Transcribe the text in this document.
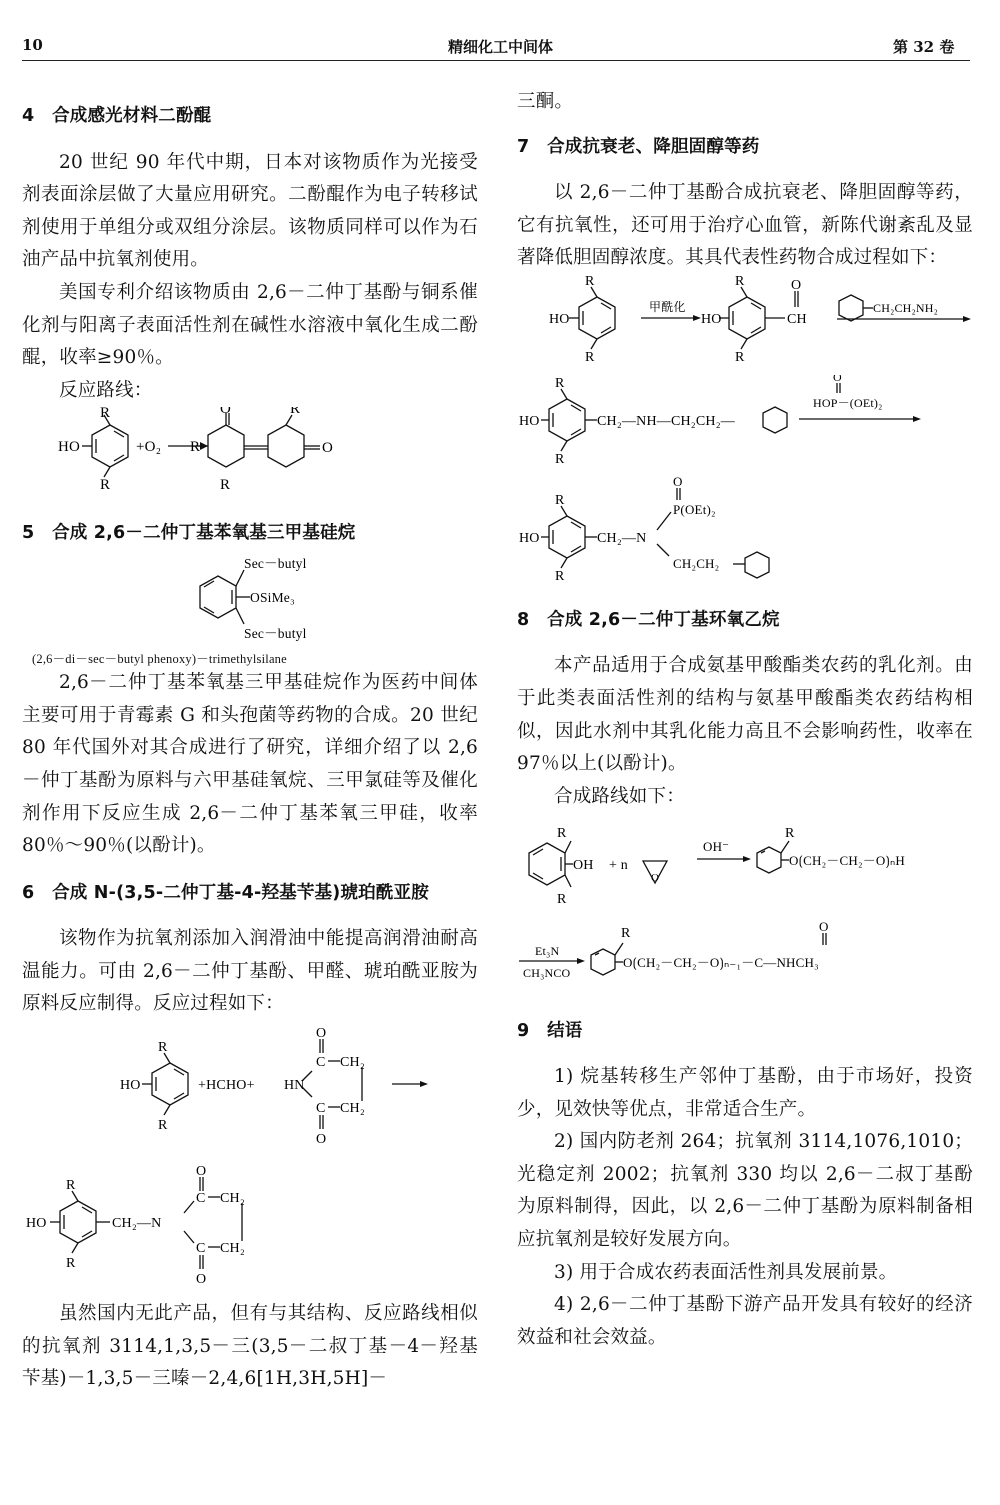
10	精细化工中间体	第 32 卷
4　合成感光材料二酚醌

20 世纪 90 年代中期，日本对该物质作为光接受剂表面涂层做了大量应用研究。二酚醌作为电子转移试剂使用于单组分或双组分涂层。该物质同样可以作为石油产品中抗氧剂使用。

美国专利介绍该物质由 2,6－二仲丁基酚与铜系催化剂与阳离子表面活性剂在碱性水溶液中氧化生成二酚醌，收率≥90％。

反应路线：

R
R
HO	+O₂
O
R
R
R
O
5　合成 2,6－二仲丁基苯氧基三甲基硅烷
Sec－butyl
OSiMe₃
Sec－butyl

(2,6－di－sec－butyl phenoxy)－trimethylsilane

2,6－二仲丁基苯氧基三甲基硅烷作为医药中间体主要可用于青霉素 G 和头孢菌等药物的合成。20 世纪 80 年代国外对其合成进行了研究，详细介绍了以 2,6－仲丁基酚为原料与六甲基硅氧烷、三甲氯硅等及催化剂作用下反应生成 2,6－二仲丁基苯氧三甲硅，收率 80％～90％(以酚计)。

6　合成 N-(3,5-二仲丁基-4-羟基苄基)琥珀酰亚胺

该物作为抗氧剂添加入润滑油中能提高润滑油耐高温能力。可由 2,6－二仲丁基酚、甲醛、琥珀酰亚胺为原料反应制得。反应过程如下：

R
R
HO	+HCHO+ HN
O
C CH₂
C CH₂
O

R
R
HO	CH₂—N
O
C CH₂
C CH₂
O

虽然国内无此产品，但有与其结构、反应路线相似的抗氧剂 3114,1,3,5－三(3,5－二叔丁基－4－羟基苄基)－1,3,5－三嗪－2,4,6[1H,3H,5H]－

三酮。

7　合成抗衰老、降胆固醇等药

以 2,6－二仲丁基酚合成抗衰老、降胆固醇等药，它有抗氧性，还可用于治疗心血管，新陈代谢紊乱及显著降低胆固醇浓度。其具代表性药物合成过程如下：

R
R
HO
甲酰化
R
R
HO
O
CH
CH₂CH₂NH₂

R
R
HO	CH₂—NH—CH₂CH₂—
O
HOP－(OEt)₂

R
R
HO	CH₂—N
O
P(OEt)₂
CH₂CH₂
8　合成 2,6－二仲丁基环氧乙烷

本产品适用于合成氨基甲酸酯类农药的乳化剂。由于此类表面活性剂的结构与氨基甲酸酯类农药结构相似，因此水剂中其乳化能力高且不会影响药性，收率在 97％以上(以酚计)。

合成路线如下：

R
R
OH + n
O
OH⁻
R
O⟮CH₂－CH₂－O⟯ₙH

Et₃N
CH₃NCO
R
O⟮CH₂－CH₂－O⟯ₙ₋₁－C—NHCH₃
O
9　结语

1) 烷基转移生产邻仲丁基酚，由于市场好，投资少，见效快等优点，非常适合生产。

2) 国内防老剂 264；抗氧剂 3114,1076,1010；光稳定剂 2002；抗氧剂 330 均以 2,6－二叔丁基酚为原料制得，因此，以 2,6－二仲丁基酚为原料制备相应抗氧剂是较好发展方向。

3) 用于合成农药表面活性剂具发展前景。

4) 2,6－二仲丁基酚下游产品开发具有较好的经济效益和社会效益。
